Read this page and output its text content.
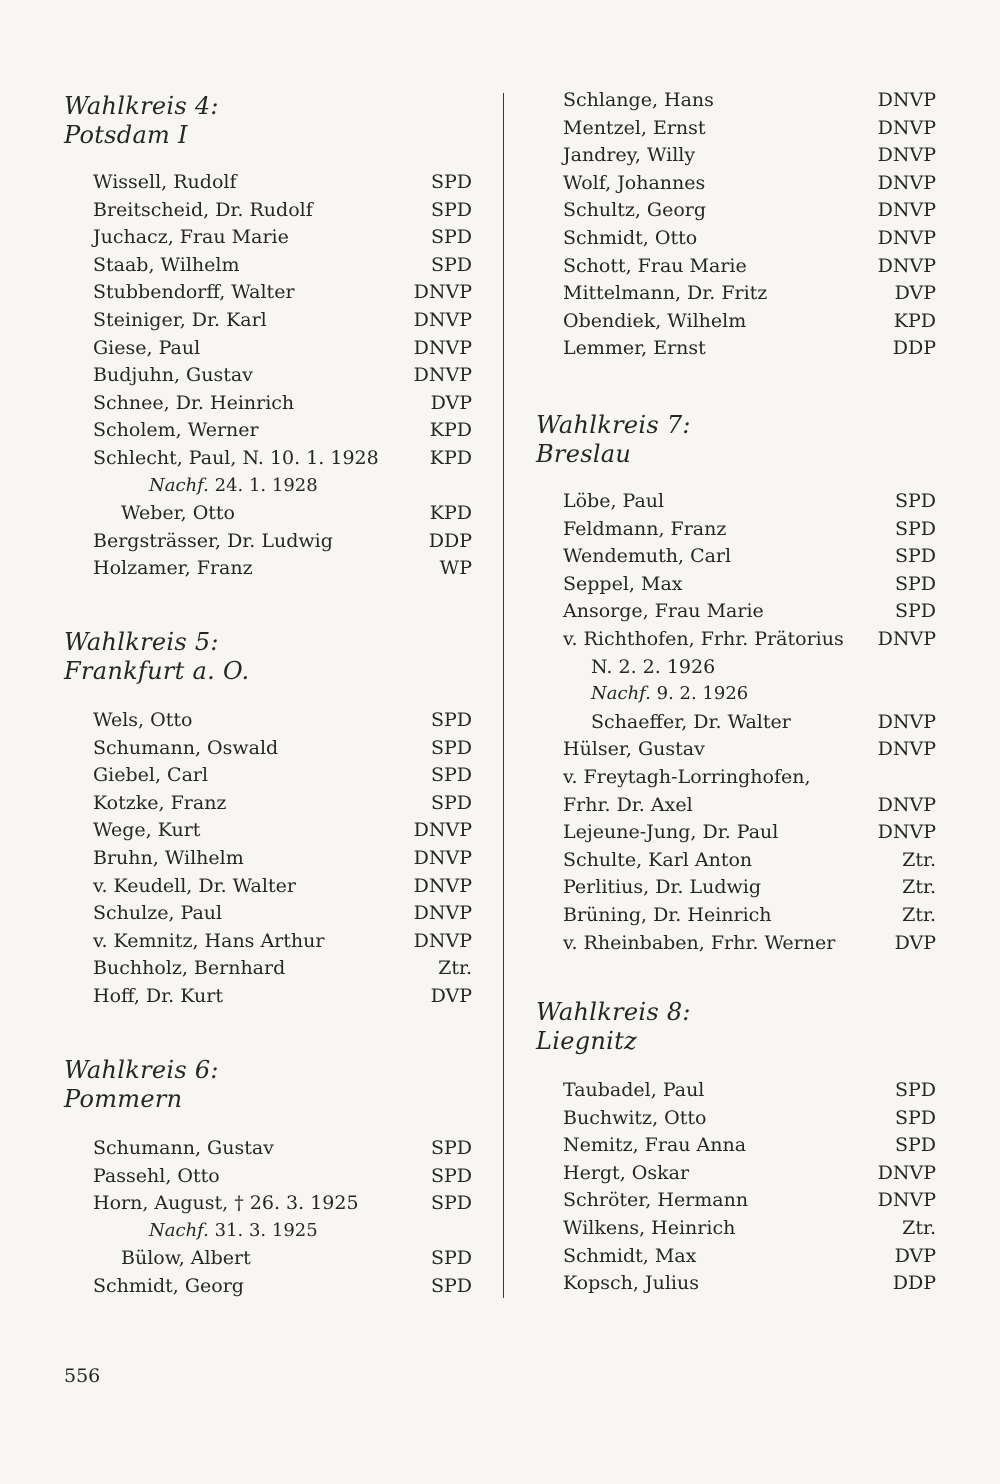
Wahlkreis 4:
Potsdam I
Wissell, Rudolf	SPD
Breitscheid, Dr. Rudolf	SPD
Juchacz, Frau Marie	SPD
Staab, Wilhelm	SPD
Stubbendorff, Walter	DNVP
Steiniger, Dr. Karl	DNVP
Giese, Paul	DNVP
Budjuhn, Gustav	DNVP
Schnee, Dr. Heinrich	DVP
Scholem, Werner	KPD
Schlecht, Paul, N. 10. 1. 1928	KPD
Nachf. 24. 1. 1928
Weber, Otto	KPD
Bergsträsser, Dr. Ludwig	DDP
Holzamer, Franz	WP
Wahlkreis 5:
Frankfurt a. O.
Wels, Otto	SPD
Schumann, Oswald	SPD
Giebel, Carl	SPD
Kotzke, Franz	SPD
Wege, Kurt	DNVP
Bruhn, Wilhelm	DNVP
v. Keudell, Dr. Walter	DNVP
Schulze, Paul	DNVP
v. Kemnitz, Hans Arthur	DNVP
Buchholz, Bernhard	Ztr.
Hoff, Dr. Kurt	DVP
Wahlkreis 6:
Pommern
Schumann, Gustav	SPD
Passehl, Otto	SPD
Horn, August, † 26. 3. 1925	SPD
Nachf. 31. 3. 1925
Bülow, Albert	SPD
Schmidt, Georg	SPD
Schlange, Hans	DNVP
Mentzel, Ernst	DNVP
Jandrey, Willy	DNVP
Wolf, Johannes	DNVP
Schultz, Georg	DNVP
Schmidt, Otto	DNVP
Schott, Frau Marie	DNVP
Mittelmann, Dr. Fritz	DVP
Obendiek, Wilhelm	KPD
Lemmer, Ernst	DDP
Wahlkreis 7:
Breslau
Löbe, Paul	SPD
Feldmann, Franz	SPD
Wendemuth, Carl	SPD
Seppel, Max	SPD
Ansorge, Frau Marie	SPD
v. Richthofen, Frhr. Prätorius DNVP
N. 2. 2. 1926
Nachf. 9. 2. 1926
Schaeffer, Dr. Walter	DNVP
Hülser, Gustav	DNVP
v. Freytagh-Lorringhofen,
Frhr. Dr. Axel	DNVP
Lejeune-Jung, Dr. Paul	DNVP
Schulte, Karl Anton	Ztr.
Perlitius, Dr. Ludwig	Ztr.
Brüning, Dr. Heinrich	Ztr.
v. Rheinbaben, Frhr. Werner	DVP
Wahlkreis 8:
Liegnitz
Taubadel, Paul	SPD
Buchwitz, Otto	SPD
Nemitz, Frau Anna	SPD
Hergt, Oskar	DNVP
Schröter, Hermann	DNVP
Wilkens, Heinrich	Ztr.
Schmidt, Max	DVP
Kopsch, Julius	DDP
556
